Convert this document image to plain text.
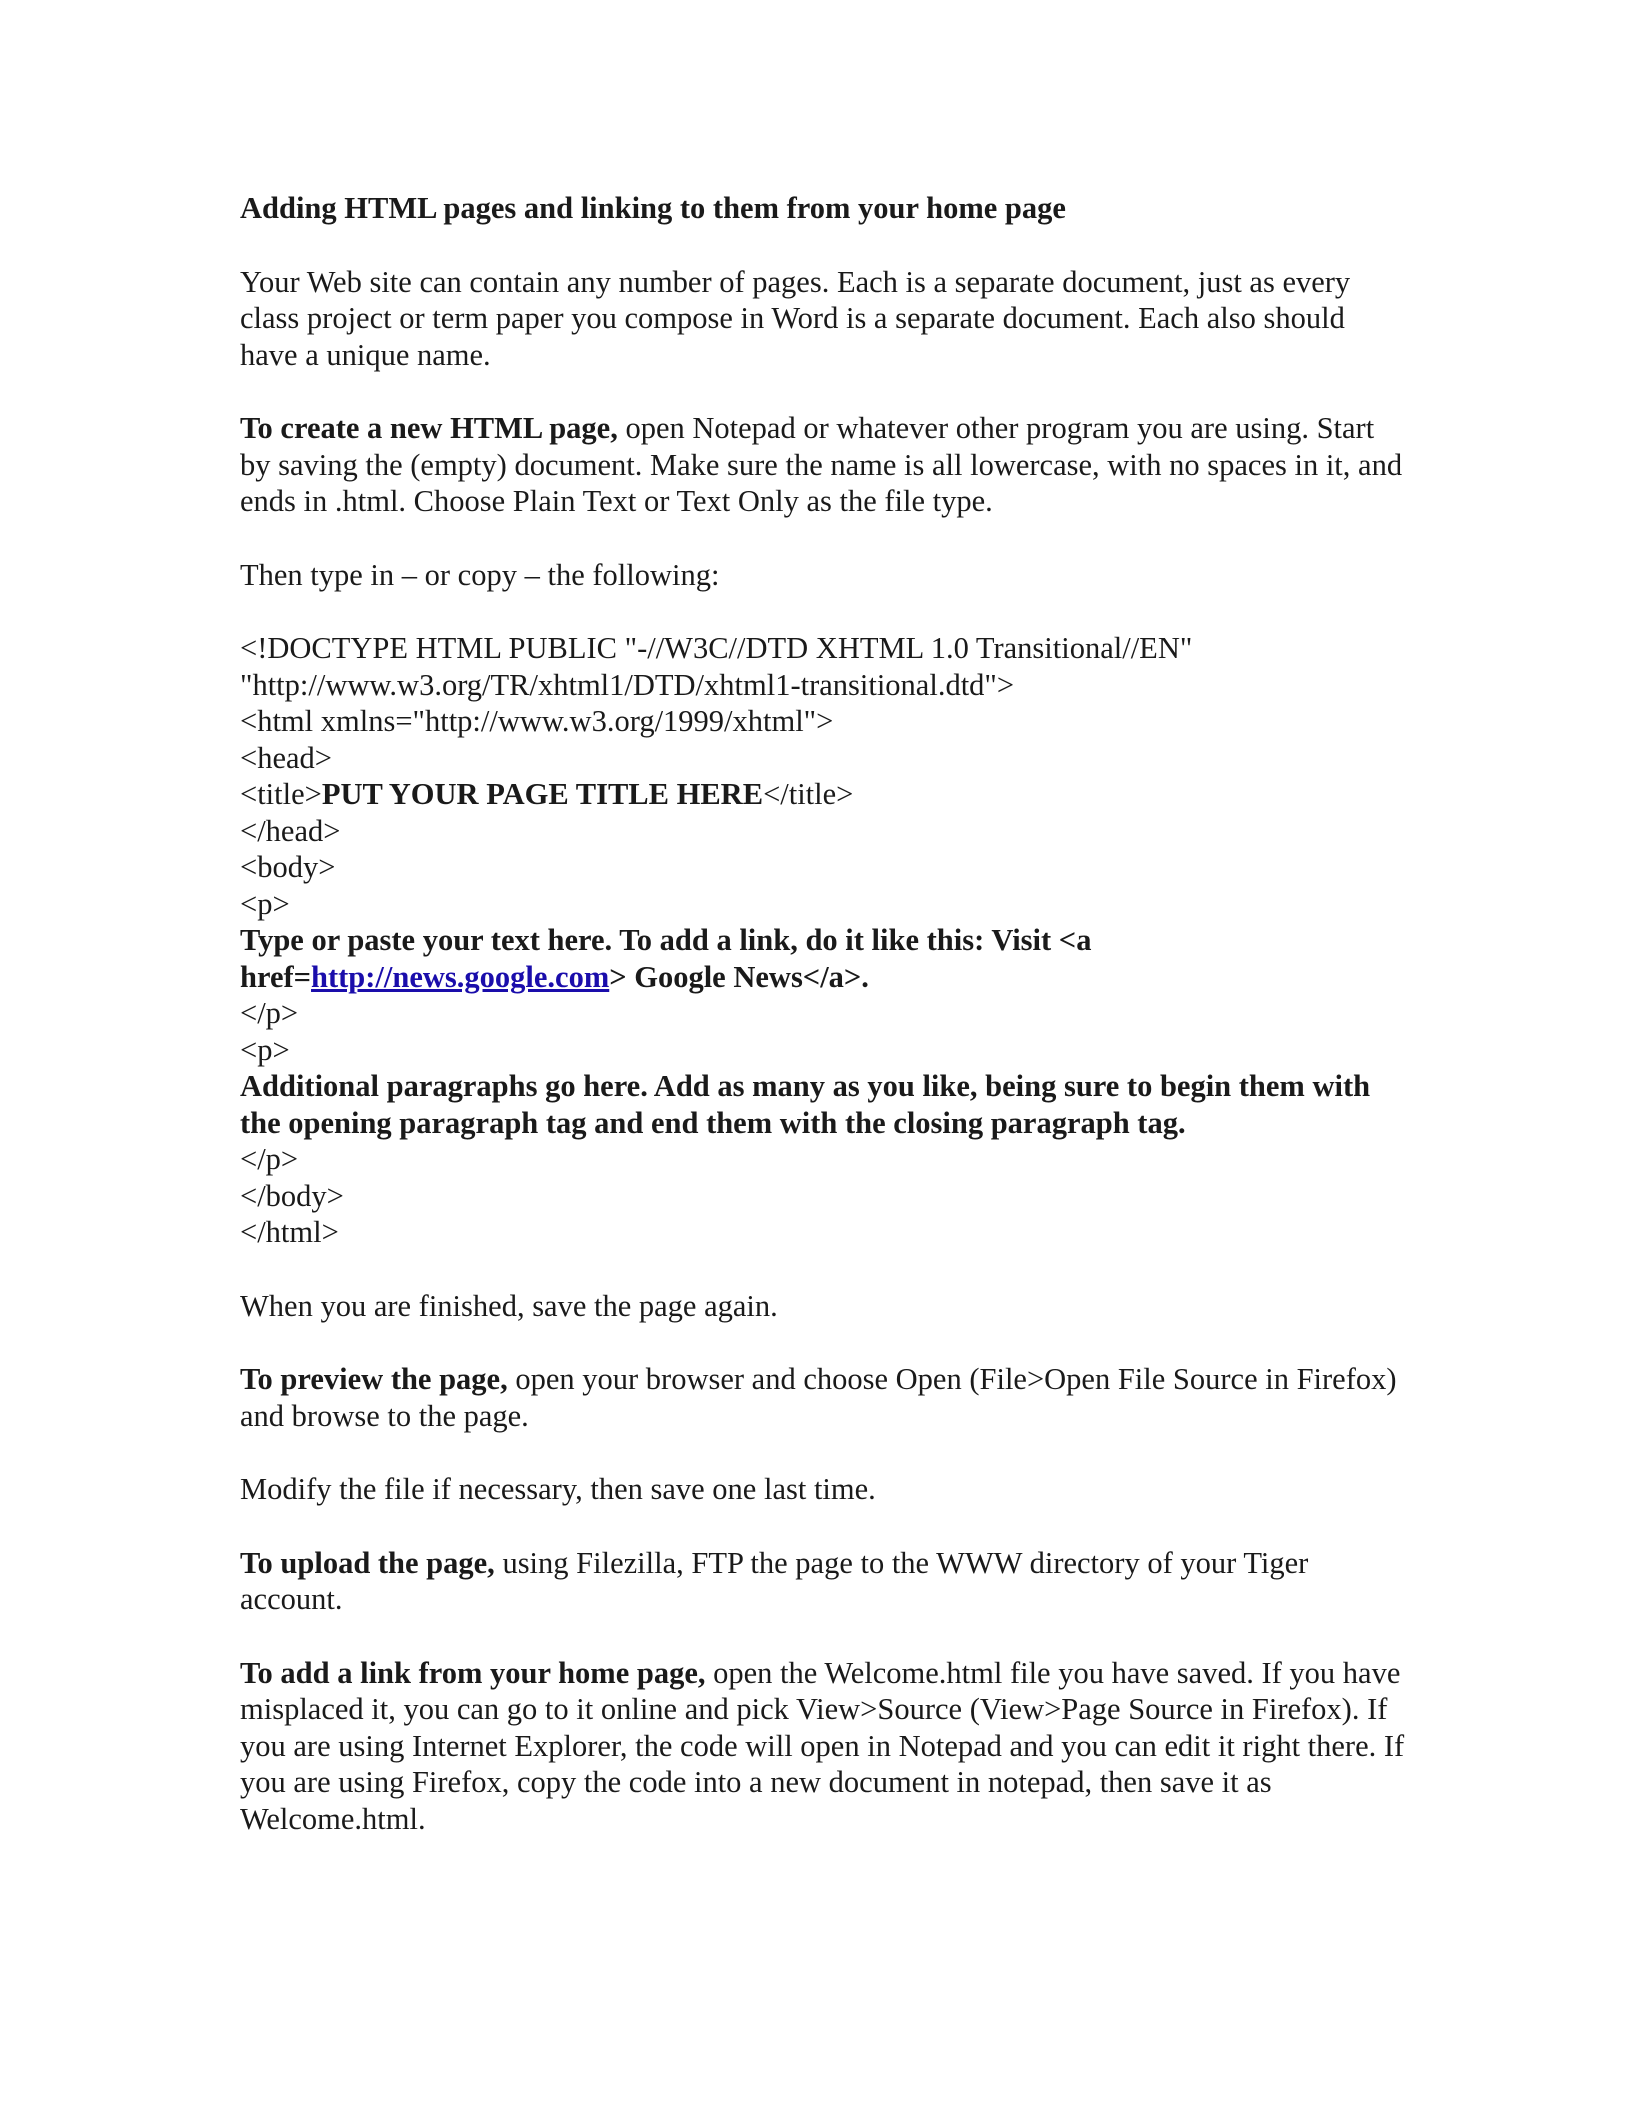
Adding HTML pages and linking to them from your home page

Your Web site can contain any number of pages. Each is a separate document, just as every class project or term paper you compose in Word is a separate document. Each also should have a unique name.

To create a new HTML page, open Notepad or whatever other program you are using. Start by saving the (empty) document. Make sure the name is all lowercase, with no spaces in it, and ends in .html. Choose Plain Text or Text Only as the file type.

Then type in – or copy – the following:

<!DOCTYPE HTML PUBLIC "-//W3C//DTD XHTML 1.0 Transitional//EN"

"http://www.w3.org/TR/xhtml1/DTD/xhtml1-transitional.dtd">

<html xmlns="http://www.w3.org/1999/xhtml">

<head>

<title>PUT YOUR PAGE TITLE HERE</title>

</head>

<body>

<p>

Type or paste your text here. To add a link, do it like this: Visit <a
href=http://news.google.com> Google News</a>.

</p>

<p>

Additional paragraphs go here. Add as many as you like, being sure to begin them with the opening paragraph tag and end them with the closing paragraph tag.

</p>

</body>

</html>

When you are finished, save the page again.

To preview the page, open your browser and choose Open (File>Open File Source in Firefox) and browse to the page.

Modify the file if necessary, then save one last time.

To upload the page, using Filezilla, FTP the page to the WWW directory of your Tiger account.

To add a link from your home page, open the Welcome.html file you have saved. If you have misplaced it, you can go to it online and pick View>Source (View>Page Source in Firefox). If you are using Internet Explorer, the code will open in Notepad and you can edit it right there. If you are using Firefox, copy the code into a new document in notepad, then save it as Welcome.html.
